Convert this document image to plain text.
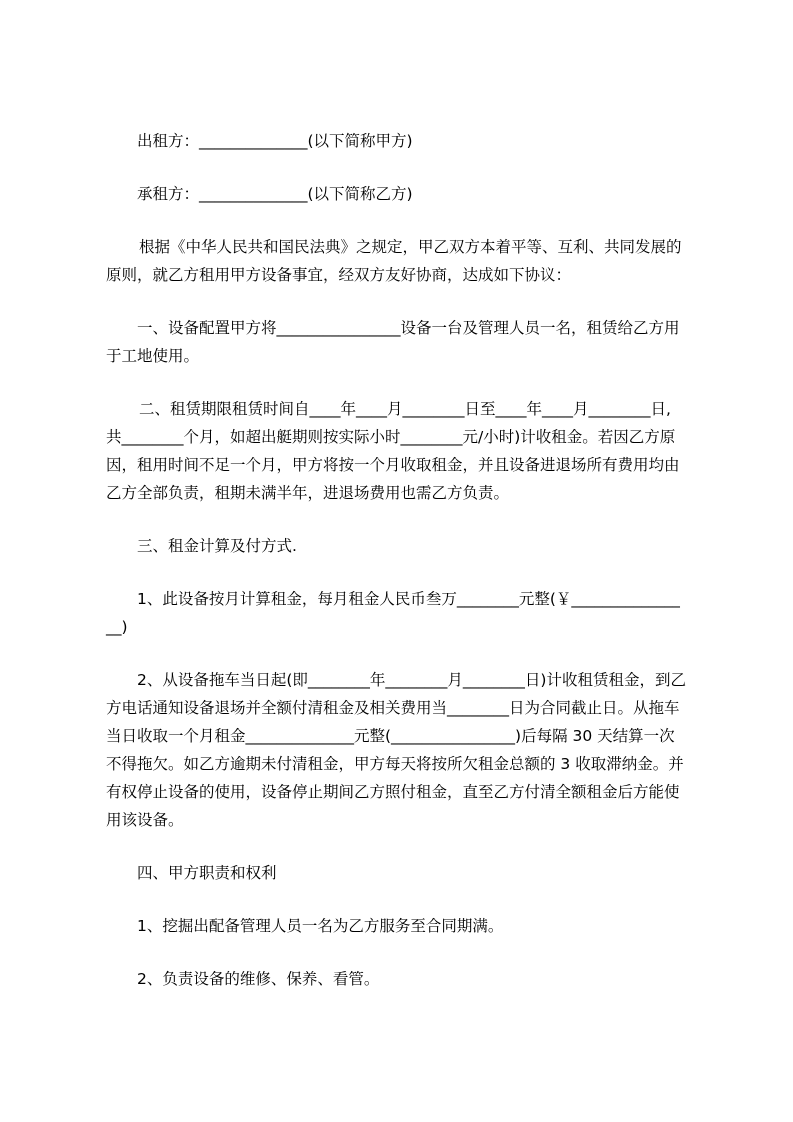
出租方：______________(以下简称甲方)
承租方：______________(以下简称乙方)
根据《中华人民共和国民法典》之规定，甲乙双方本着平等、互利、共同发展的
原则，就乙方租用甲方设备事宜，经双方友好协商，达成如下协议：
一、设备配置甲方将________________设备一台及管理人员一名，租赁给乙方用
于工地使用。
二、租赁期限租赁时间自____年____月________日至____年____月________日,
共________个月，如超出艇期则按实际小时________元/小时)计收租金。若因乙方原
因，租用时间不足一个月，甲方将按一个月收取租金，并且设备进退场所有费用均由
乙方全部负责，租期未满半年，进退场费用也需乙方负责。
三、租金计算及付方式.
1、此设备按月计算租金，每月租金人民币叁万________元整(￥______________
__)
2、从设备拖车当日起(即________年________月________日)计收租赁租金，到乙
方电话通知设备退场并全额付清租金及相关费用当________日为合同截止日。从拖车
当日收取一个月租金______________元整(________________)后每隔 30 天结算一次
不得拖欠。如乙方逾期未付清租金，甲方每天将按所欠租金总额的 3 收取滞纳金。并
有权停止设备的使用，设备停止期间乙方照付租金，直至乙方付清全额租金后方能使
用该设备。
四、甲方职责和权利
1、挖掘出配备管理人员一名为乙方服务至合同期满。
2、负责设备的维修、保养、看管。
